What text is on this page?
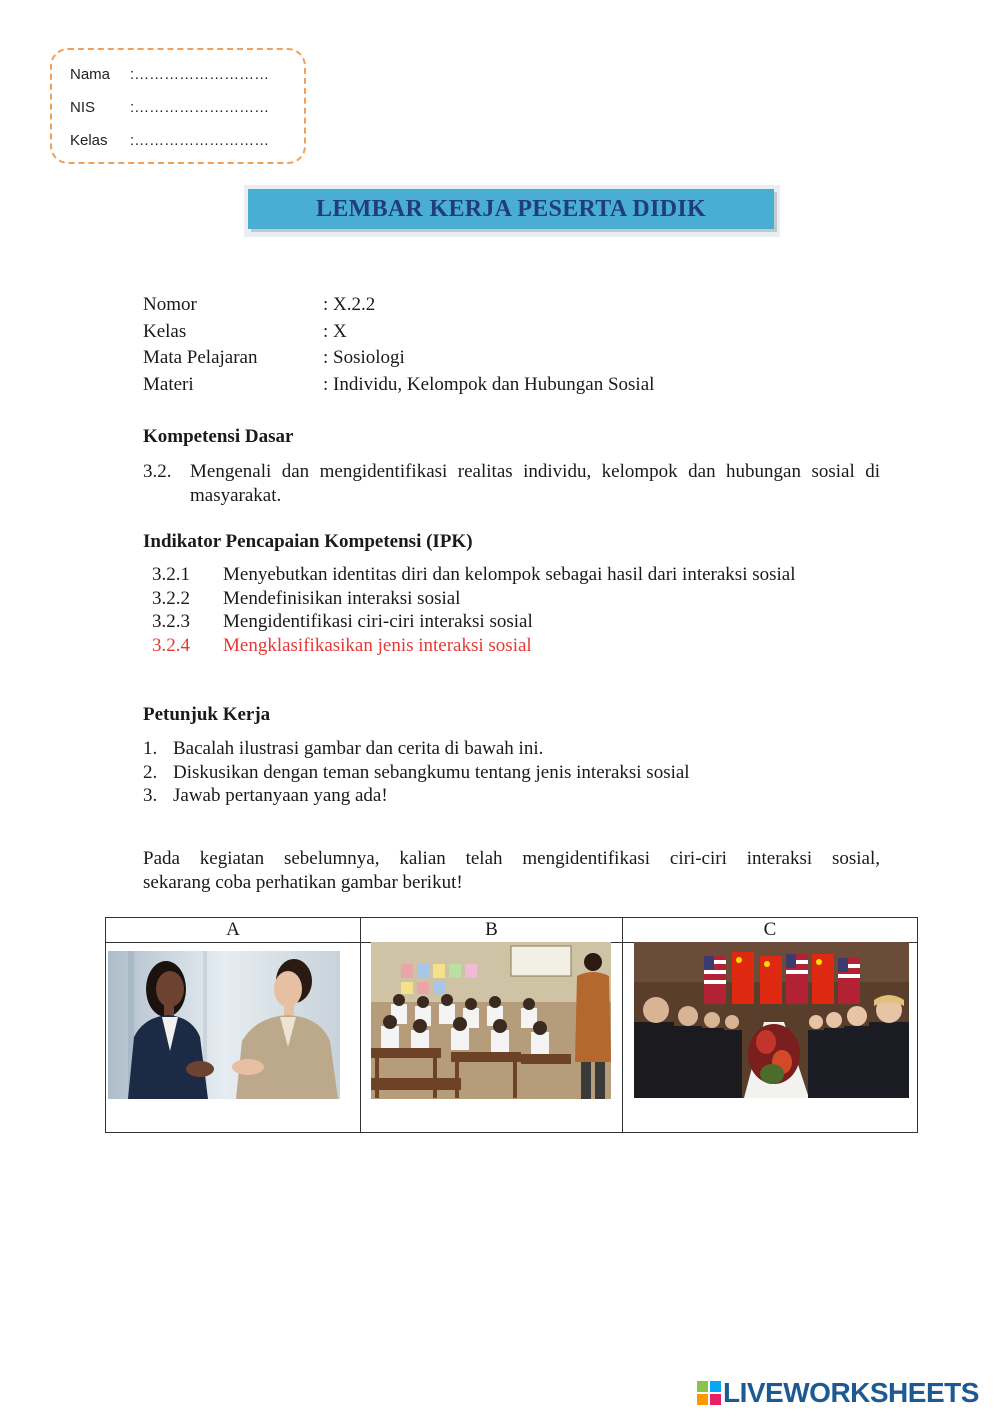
Nama :………………………
NIS :………………………
Kelas :………………………
LEMBAR KERJA PESERTA DIDIK
Nomor	: X.2.2
Kelas	: X
Mata Pelajaran	: Sosiologi
Materi	: Individu, Kelompok dan Hubungan Sosial
Kompetensi Dasar
3.2. Mengenali dan mengidentifikasi realitas individu, kelompok dan hubungan sosial di masyarakat.
Indikator Pencapaian Kompetensi (IPK)
3.2.1 Menyebutkan identitas diri dan kelompok sebagai hasil dari interaksi sosial
3.2.2 Mendefinisikan interaksi sosial
3.2.3 Mengidentifikasi ciri-ciri interaksi sosial
3.2.4 Mengklasifikasikan jenis interaksi sosial
Petunjuk Kerja
1. Bacalah ilustrasi gambar dan cerita di bawah ini.
2. Diskusikan dengan teman sebangkumu tentang jenis interaksi sosial
3. Jawab pertanyaan yang ada!
Pada kegiatan sebelumnya, kalian telah mengidentifikasi ciri-ciri interaksi sosial,
sekarang coba perhatikan gambar berikut!
A	B	C
LIVEWORKSHEETS
